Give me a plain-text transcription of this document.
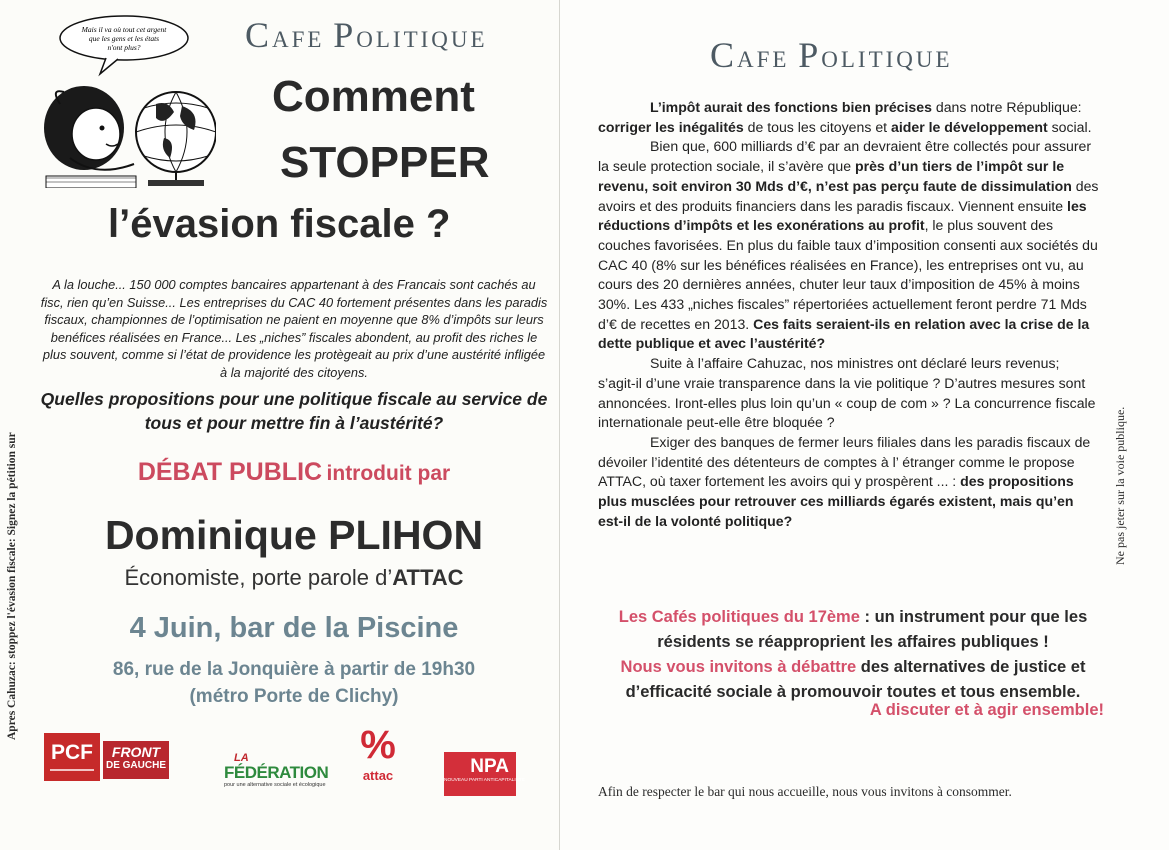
Mais il va où tout cet argent
que les gens et les états
n'ont plus?	CAFE POLITIQUE
Comment
STOPPER
l’évasion fiscale ?
A la louche... 150 000 comptes bancaires appartenant à des Francais sont cachés au fisc, rien qu’en Suisse... Les entreprises du CAC 40 fortement présentes dans les paradis fiscaux, championnes de l’optimisation ne paient en moyenne que 8% d’impôts sur leurs benéfices réalisées en France... Les „niches” fiscales abondent, au profit des riches le plus souvent, comme si l’état de providence les protègeait au prix d’une austérité infligée à la majorité des citoyens.
Quelles propositions pour une politique fiscale au service de tous et pour mettre fin à l’austérité?
DÉBAT PUBLIC introduit par
Dominique PLIHON
Économiste, porte parole d’ATTAC
4 Juin, bar de la Piscine
86, rue de la Jonquière à partir de 19h30
(métro Porte de Clichy)
PCF	FRONT
DE GAUCHE
LA
FÉDÉRATION
pour une alternative sociale et écologique
%
attac	NPA
NOUVEAU PARTI ANTICAPITALISTE
CAFE POLITIQUE

L’impôt aurait des fonctions bien précises dans notre République: corriger les inégalités de tous les citoyens et aider le développement social.

Bien que, 600 milliards d’€ par an devraient être collectés pour assurer la seule protection sociale, il s’avère que près d’un tiers de l’impôt sur le revenu, soit environ 30 Mds d’€, n’est pas perçu faute de dissimulation des avoirs et des produits financiers dans les paradis fiscaux. Viennent ensuite les réductions d’impôts et les exonérations au profit, le plus souvent des couches favorisées. En plus du faible taux d’imposition consenti aux sociétés du CAC 40 (8% sur les bénéfices réalisées en France), les entreprises ont vu, au cours des 20 dernières années, chuter leur taux d’imposition de 45% à moins 30%. Les 433 „niches fiscales” répertoriées actuellement feront perdre 71 Mds d’€ de recettes en 2013. Ces faits seraient-ils en relation avec la crise de la dette publique et avec l’austérité?

Suite à l’affaire Cahuzac, nos ministres ont déclaré leurs revenus; s’agit-il d’une vraie transparence dans la vie politique ? D’autres mesures sont annoncées. Iront-elles plus loin qu’un « coup de com » ? La concurrence fiscale internationale peut-elle être bloquée ?

Exiger des banques de fermer leurs filiales dans les paradis fiscaux de dévoiler l’identité des détenteurs de comptes à l’ étranger comme le propose ATTAC, où taxer fortement les avoirs qui y prospèrent ... : des propositions plus musclées pour retrouver ces milliards égarés existent, mais qu’en est-il de la volonté politique?

Les Cafés politiques du 17ème : un instrument pour que les résidents se réapproprient les affaires publiques !
Nous vous invitons à débattre des alternatives de justice et d’efficacité sociale à promouvoir toutes et tous ensemble.
A discuter et à agir ensemble!
Afin de respecter le bar qui nous accueille, nous vous invitons à consommer.
